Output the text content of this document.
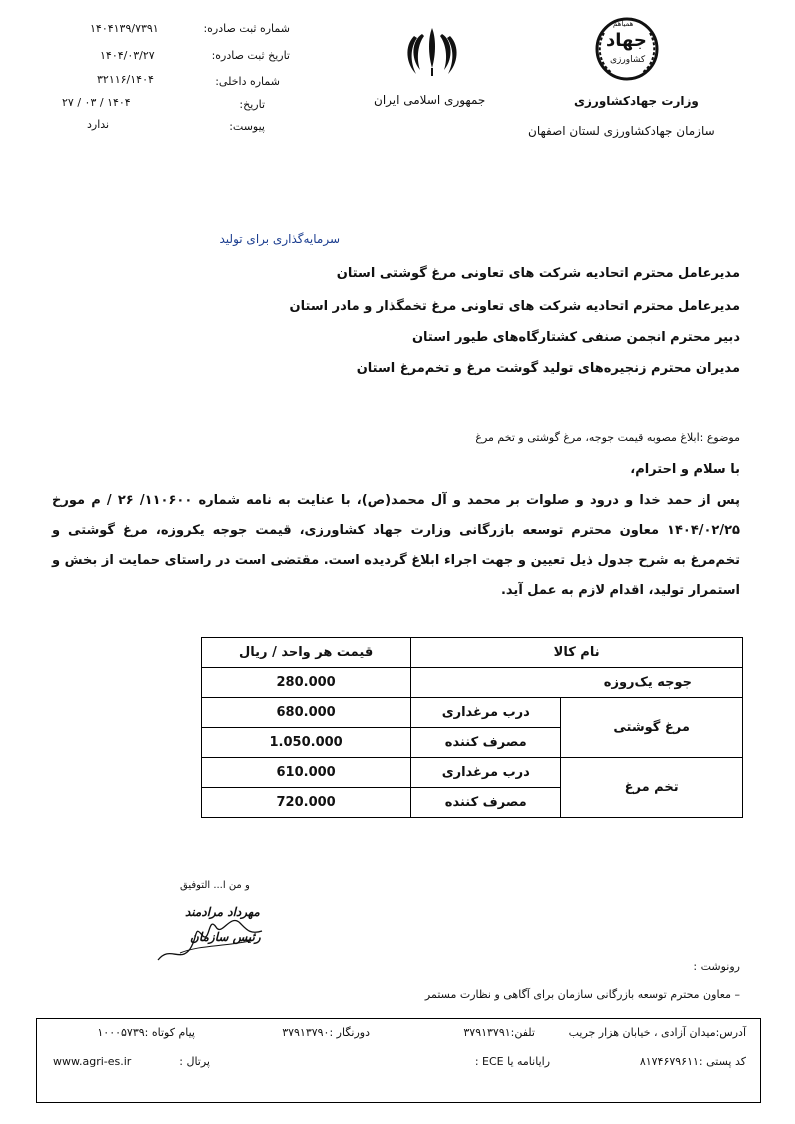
شماره ثبت صادره:
۱۴۰۴۱۳۹/۷۳۹۱
تاریخ ثبت صادره:
۱۴۰۴/۰۳/۲۷
شماره داخلی:
۳۲۱۱۶/۱۴۰۴
تاریخ:
۱۴۰۴ / ۰۳ / ۲۷
پیوست:
ندارد
جمهوری اسلامی ایران
همیاهم
جهاد
کشاورزی
وزارت جهادکشاورزی
سازمان جهادکشاورزی لستان اصفهان
سرمایه‌گذاری برای تولید
مدیرعامل محترم اتحادیه شرکت های تعاونی مرغ گوشتی استان
مدیرعامل محترم اتحادیه شرکت های تعاونی مرغ تخمگذار و مادر استان
دبیر محترم انجمن صنفی کشتارگاه‌های طیور استان
مدیران محترم زنجیره‌های تولید گوشت مرغ و تخم‌مرغ استان
موضوع :ابلاغ مصوبه قیمت جوجه، مرغ گوشتی و تخم مرغ
با سلام و احترام،
پس از حمد خدا و درود و صلوات بر محمد و آل محمد(ص)، با عنایت به نامه شماره ۱۱۰۶۰۰/ ۲۶ / م مورخ ۱۴۰۴/۰۲/۲۵ معاون محترم توسعه بازرگانی وزارت جهاد کشاورزی، قیمت جوجه یکروزه، مرغ گوشتی و تخم‌مرغ به شرح جدول ذیل تعیین و جهت اجراء ابلاغ گردیده است. مقتضی است در راستای حمایت از بخش و استمرار تولید، اقدام لازم به عمل آید.
نام کالا		قیمت هر واحد / ریال
جوجه یک‌روزه		280.000
مرغ گوشتی	درب مرغداری	680.000
	مصرف کننده	1.050.000
تخم مرغ	درب مرغداری	610.000
	مصرف کننده	720.000
و من ا... التوفیق
مهرداد مرادمند
رئیس سازمان
رونوشت :
– معاون محترم توسعه بازرگانی سازمان برای آگاهی و نظارت مستمر
آدرس:میدان آزادی ، خیابان هزار جریب
تلفن:۳۷۹۱۳۷۹۱
دورنگار :۳۷۹۱۳۷۹۰
پیام کوتاه :۱۰۰۰۵۷۳۹
کد پستی :۸۱۷۴۶۷۹۶۱۱
رایانامه یا ECE :
پرتال :
www.agri-es.ir
